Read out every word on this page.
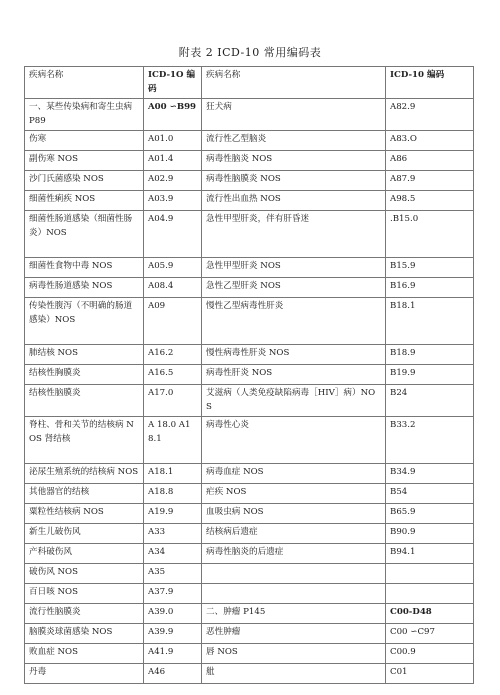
附表 2 ICD-10 常用编码表
疾病名称	ICD-1O 编码	疾病名称	ICD-10 编码
一、某些传染病和寄生虫病 P89	A00 ∽B99	狂犬病	A82.9
伤寒	A01.0	流行性乙型脑炎	A83.O
副伤寒 NOS	A01.4	病毒性脑炎 NOS	A86
沙门氏菌感染 NOS	A02.9	病毒性脑膜炎 NOS	A87.9
细菌性痢疾 NOS	A03.9	流行性出血热 NOS	A98.5
细菌性肠道感染（细菌性肠炎）NOS	A04.9	急性甲型肝炎，伴有肝昏迷	.B15.0
细菌性食物中毒 NOS	A05.9	急性甲型肝炎 NOS	B15.9
病毒性肠道感染 NOS	A08.4	急性乙型肝炎 NOS	B16.9
传染性腹泻（不明确的肠道感染）NOS	A09	慢性乙型病毒性肝炎	B18.1
肺结核 NOS	A16.2	慢性病毒性肝炎 NOS	B18.9
结核性胸膜炎	A16.5	病毒性肝炎 NOS	B19.9
结核性脑膜炎	A17.0	艾滋病（人类免疫缺陷病毒［HIV］病）NOS	B24
脊柱、骨和关节的结核病 NOS 肾结核	A 18.0 A18.1	病毒性心炎	B33.2
泌尿生殖系统的结核病 NOS	A18.1	病毒血症 NOS	B34.9
其他器官的结核	A18.8	疟疾 NOS	B54
粟粒性结核病 NOS	A19.9	血吸虫病 NOS	B65.9
新生儿破伤风	A33	结核病后遗症	B90.9
产科破伤风	A34	病毒性脑炎的后遗症	B94.1
破伤风 NOS	A35		
百日咳 NOS	A37.9		
流行性脑膜炎	A39.0	二、肿瘤 P145	C00-D48
脑膜炎球菌感染 NOS	A39.9	恶性肿瘤	C00 ∽C97
败血症 NOS	A41.9	唇 NOS	C00.9
丹毒	A46	舭	C01
